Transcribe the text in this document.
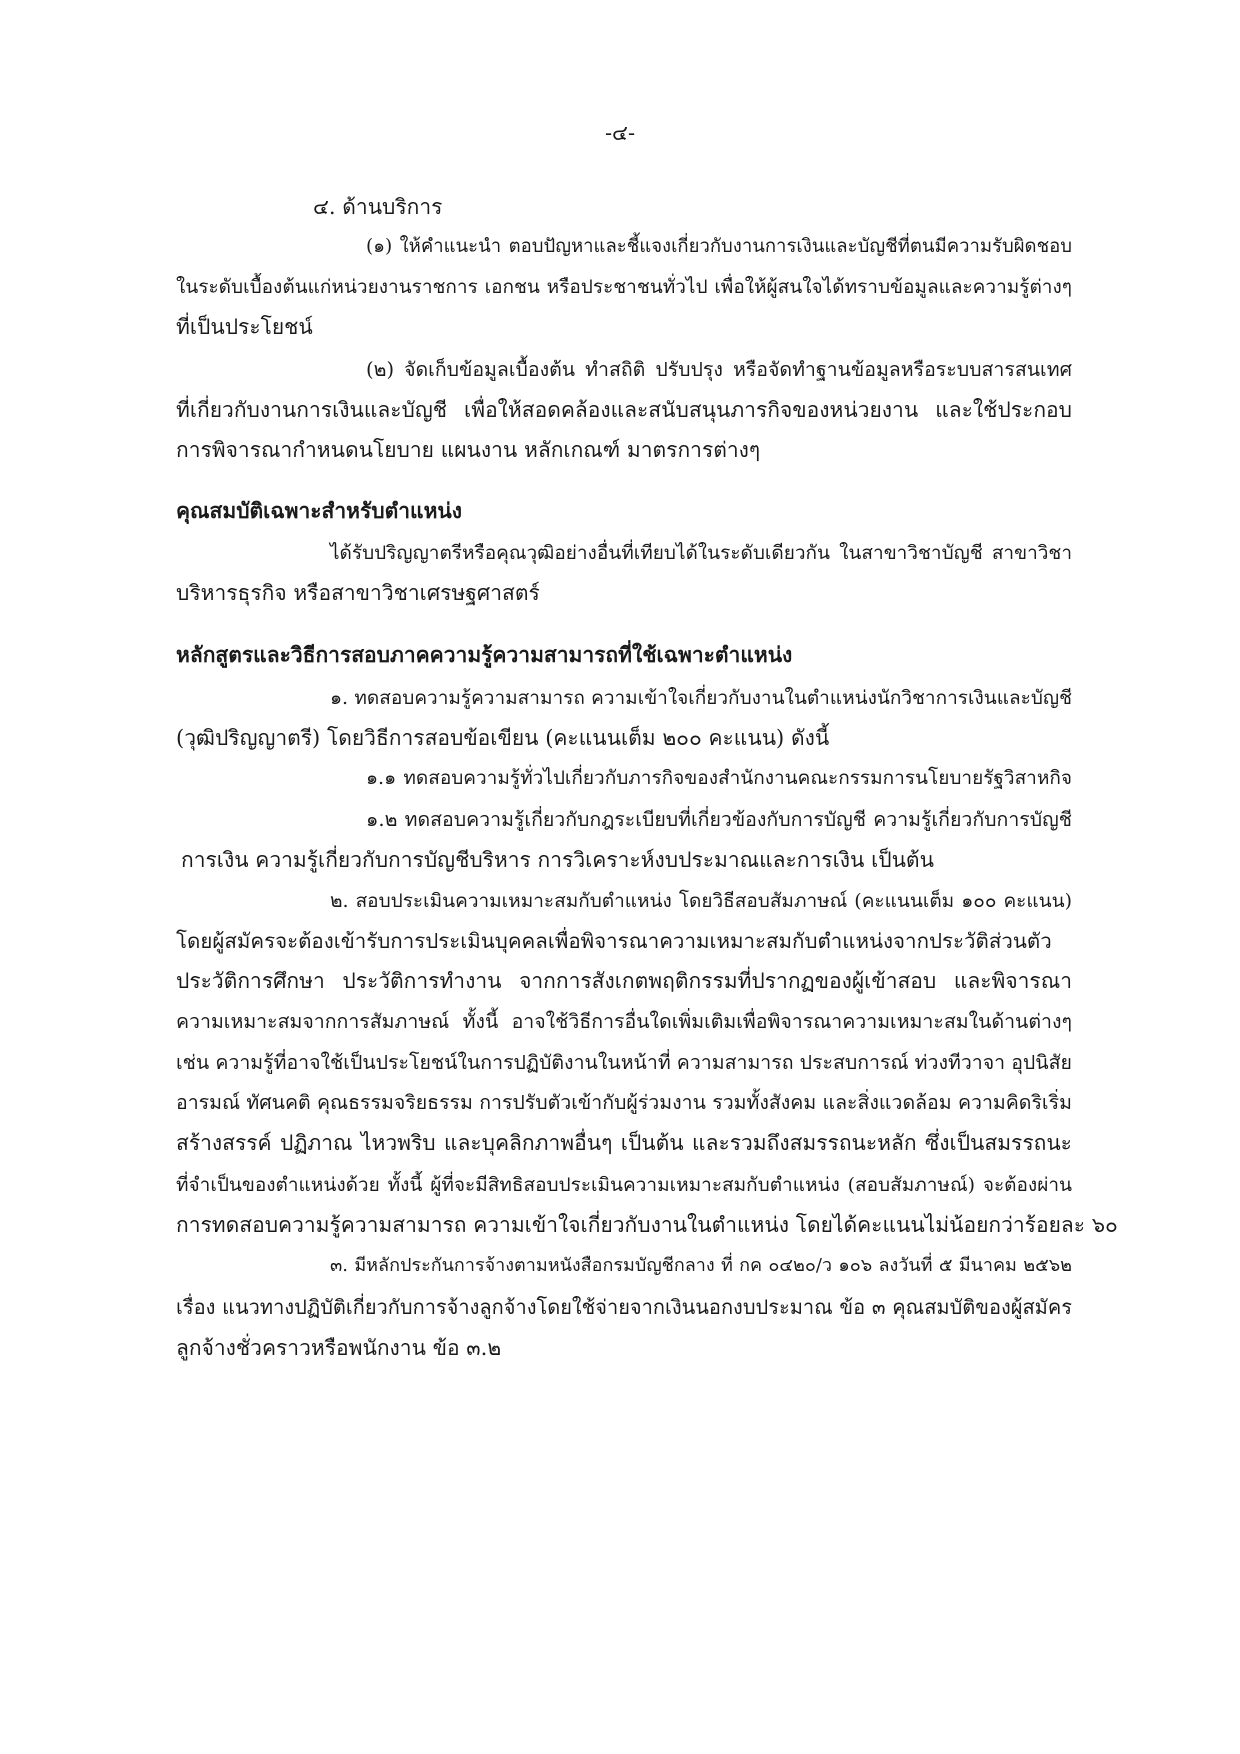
-๔-
๔. ด้านบริการ
(๑) ให้คำแนะนำ ตอบปัญหาและชี้แจงเกี่ยวกับงานการเงินและบัญชีที่ตนมีความรับผิดชอบ
ในระดับเบื้องต้นแก่หน่วยงานราชการ เอกชน หรือประชาชนทั่วไป เพื่อให้ผู้สนใจได้ทราบข้อมูลและความรู้ต่างๆ
ที่เป็นประโยชน์
(๒) จัดเก็บข้อมูลเบื้องต้น ทำสถิติ ปรับปรุง หรือจัดทำฐานข้อมูลหรือระบบสารสนเทศ
ที่เกี่ยวกับงานการเงินและบัญชี เพื่อให้สอดคล้องและสนับสนุนภารกิจของหน่วยงาน และใช้ประกอบ
การพิจารณากำหนดนโยบาย แผนงาน หลักเกณฑ์ มาตรการต่างๆ
คุณสมบัติเฉพาะสำหรับตำแหน่ง
ได้รับปริญญาตรีหรือคุณวุฒิอย่างอื่นที่เทียบได้ในระดับเดียวกัน ในสาขาวิชาบัญชี สาขาวิชา
บริหารธุรกิจ หรือสาขาวิชาเศรษฐศาสตร์
หลักสูตรและวิธีการสอบภาคความรู้ความสามารถที่ใช้เฉพาะตำแหน่ง
๑. ทดสอบความรู้ความสามารถ ความเข้าใจเกี่ยวกับงานในตำแหน่งนักวิชาการเงินและบัญชี
(วุฒิปริญญาตรี) โดยวิธีการสอบข้อเขียน (คะแนนเต็ม ๒๐๐ คะแนน) ดังนี้
๑.๑ ทดสอบความรู้ทั่วไปเกี่ยวกับภารกิจของสำนักงานคณะกรรมการนโยบายรัฐวิสาหกิจ
๑.๒ ทดสอบความรู้เกี่ยวกับกฎระเบียบที่เกี่ยวข้องกับการบัญชี ความรู้เกี่ยวกับการบัญชี
การเงิน ความรู้เกี่ยวกับการบัญชีบริหาร การวิเคราะห์งบประมาณและการเงิน เป็นต้น
๒. สอบประเมินความเหมาะสมกับตำแหน่ง โดยวิธีสอบสัมภาษณ์ (คะแนนเต็ม ๑๐๐ คะแนน)
โดยผู้สมัครจะต้องเข้ารับการประเมินบุคคลเพื่อพิจารณาความเหมาะสมกับตำแหน่งจากประวัติส่วนตัว
ประวัติการศึกษา ประวัติการทำงาน จากการสังเกตพฤติกรรมที่ปรากฏของผู้เข้าสอบ และพิจารณา
ความเหมาะสมจากการสัมภาษณ์ ทั้งนี้ อาจใช้วิธีการอื่นใดเพิ่มเติมเพื่อพิจารณาความเหมาะสมในด้านต่างๆ
เช่น ความรู้ที่อาจใช้เป็นประโยชน์ในการปฏิบัติงานในหน้าที่ ความสามารถ ประสบการณ์ ท่วงทีวาจา อุปนิสัย
อารมณ์ ทัศนคติ คุณธรรมจริยธรรม การปรับตัวเข้ากับผู้ร่วมงาน รวมทั้งสังคม และสิ่งแวดล้อม ความคิดริเริ่ม
สร้างสรรค์ ปฏิภาณ ไหวพริบ และบุคลิกภาพอื่นๆ เป็นต้น และรวมถึงสมรรถนะหลัก ซึ่งเป็นสมรรถนะ
ที่จำเป็นของตำแหน่งด้วย ทั้งนี้ ผู้ที่จะมีสิทธิสอบประเมินความเหมาะสมกับตำแหน่ง (สอบสัมภาษณ์) จะต้องผ่าน
การทดสอบความรู้ความสามารถ ความเข้าใจเกี่ยวกับงานในตำแหน่ง โดยได้คะแนนไม่น้อยกว่าร้อยละ ๖๐
๓. มีหลักประกันการจ้างตามหนังสือกรมบัญชีกลาง ที่ กค ๐๔๒๐/ว ๑๐๖ ลงวันที่ ๕ มีนาคม ๒๕๖๒
เรื่อง แนวทางปฏิบัติเกี่ยวกับการจ้างลูกจ้างโดยใช้จ่ายจากเงินนอกงบประมาณ ข้อ ๓ คุณสมบัติของผู้สมัคร
ลูกจ้างชั่วคราวหรือพนักงาน ข้อ ๓.๒
